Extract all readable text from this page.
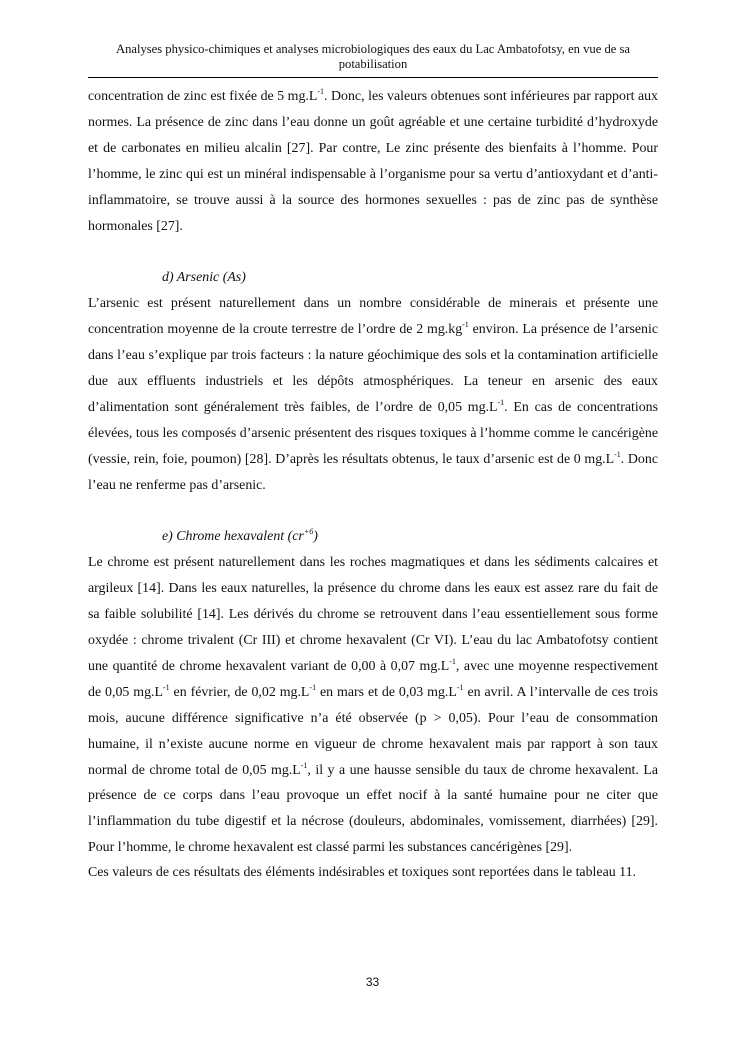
Analyses physico-chimiques et analyses microbiologiques des eaux du Lac Ambatofotsy, en vue de sa potabilisation

concentration de zinc est fixée de 5 $mg.L^{-1}$. Donc, les valeurs obtenues sont inférieures par rapport aux normes. La présence de zinc dans l’eau donne un goût agréable et une certaine turbidité d’hydroxyde et de carbonates en milieu alcalin [27]. Par contre, Le zinc présente des bienfaits à l’homme. Pour l’homme, le zinc qui est un minéral indispensable à l’organisme pour sa vertu d’antioxydant et d’anti-inflammatoire, se trouve aussi à la source des hormones sexuelles : pas de zinc pas de synthèse hormonales [27].

d) Arsenic (As)

L’arsenic est présent naturellement dans un nombre considérable de minerais et présente une concentration moyenne de la croute terrestre de l’ordre de 2 $mg.kg^{-1}$ environ. La présence de l’arsenic dans l’eau s’explique par trois facteurs : la nature géochimique des sols et la contamination artificielle due aux effluents industriels et les dépôts atmosphériques. La teneur en arsenic des eaux d’alimentation sont généralement très faibles, de l’ordre de 0,05 $mg.L^{-1}$. En cas de concentrations élevées, tous les composés d’arsenic présentent des risques toxiques à l’homme comme le cancérigène (vessie, rein, foie, poumon) [28]. D’après les résultats obtenus, le taux d’arsenic est de 0 $mg.L^{-1}$. Donc l’eau ne renferme pas d’arsenic.

e) Chrome hexavalent $(cr^{+6})$

Le chrome est présent naturellement dans les roches magmatiques et dans les sédiments calcaires et argileux [14]. Dans les eaux naturelles, la présence du chrome dans les eaux est assez rare du fait de sa faible solubilité [14]. Les dérivés du chrome se retrouvent dans l’eau essentiellement sous forme oxydée : chrome trivalent (Cr III) et chrome hexavalent (Cr VI). L’eau du lac Ambatofotsy contient une quantité de chrome hexavalent variant de 0,00 à 0,07 $mg.L^{-1}$, avec une moyenne respectivement de 0,05 $mg.L^{-1}$ en février, de 0,02 $mg.L^{-1}$ en mars et de 0,03 $mg.L^{-1}$ en avril. A l’intervalle de ces trois mois, aucune différence significative n’a été observée (p > 0,05). Pour l’eau de consommation humaine, il n’existe aucune norme en vigueur de chrome hexavalent mais par rapport à son taux normal de chrome total de 0,05 $mg.L^{-1}$, il y a une hausse sensible du taux de chrome hexavalent. La présence de ce corps dans l’eau provoque un effet nocif à la santé humaine pour ne citer que l’inflammation du tube digestif et la nécrose (douleurs, abdominales, vomissement, diarrhées) [29]. Pour l’homme, le chrome hexavalent est classé parmi les substances cancérigènes [29].

Ces valeurs de ces résultats des éléments indésirables et toxiques sont reportées dans le tableau 11.

33
